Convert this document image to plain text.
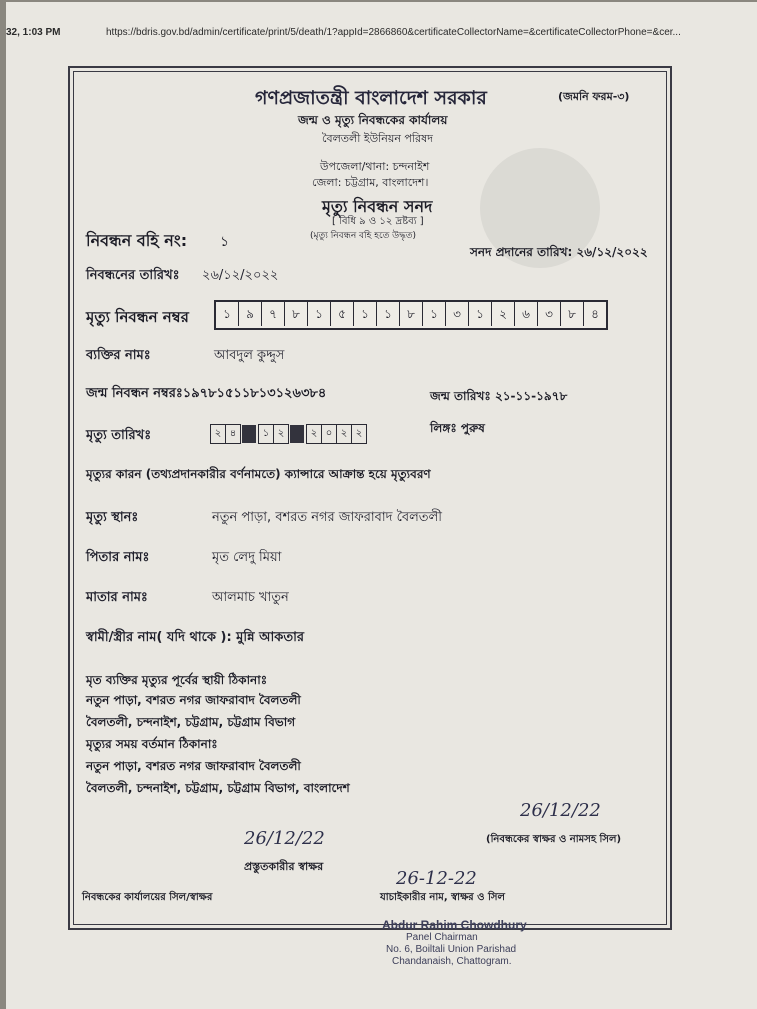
32, 1:03 PM	https://bdris.gov.bd/admin/certificate/print/5/death/1?appId=2866860&certificateCollectorName=&certificateCollectorPhone=&cer...
গণপ্রজাতন্ত্রী বাংলাদেশ সরকার	(জমনি ফরম-৩)
জন্ম ও মৃত্যু নিবন্ধকের কার্যালয়
বৈলতলী ইউনিয়ন পরিষদ
উপজেলা/থানা: চন্দনাইশ
জেলা: চট্টগ্রাম, বাংলাদেশ।
মৃত্যু নিবন্ধন সনদ
[ বিধি ৯ ও ১২ দ্রষ্টব্য ]
(মৃত্যু নিবন্ধন বহি হতে উদ্ধৃত)
নিবন্ধন বহি নং: ১
সনদ প্রদানের তারিখ: ২৬/১২/২০২২
নিবন্ধনের তারিখঃ ২৬/১২/২০২২
মৃত্যু নিবন্ধন নম্বর	১	৯	৭	৮	১	৫	১	১	৮	১	৩	১	২	৬	৩	৮	৪
ব্যক্তির নামঃ	আবদুল কুদ্দুস
জন্ম নিবন্ধন নম্বরঃ১৯৭৮১৫১১৮১৩১২৬৩৮৪	জন্ম তারিখঃ ২১-১১-১৯৭৮
মৃত্যু তারিখঃ	২ ৪	১ ২	২ ০ ২ ২	লিঙ্গঃ পুরুষ
মৃত্যুর কারন (তথ্যপ্রদানকারীর বর্ণনামতে) ক্যান্সারে আক্রান্ত হয়ে মৃত্যুবরণ
মৃত্যু স্থানঃ	নতুন পাড়া, বশরত নগর জাফরাবাদ বৈলতলী
পিতার নামঃ	মৃত লেদু মিয়া
মাতার নামঃ	আলমাচ খাতুন
স্বামী/স্ত্রীর নাম( যদি থাকে ): মুন্নি আকতার
মৃত ব্যক্তির মৃত্যুর পূর্বের স্থায়ী ঠিকানাঃ
নতুন পাড়া, বশরত নগর জাফরাবাদ বৈলতলী
বৈলতলী, চন্দনাইশ, চট্টগ্রাম, চট্টগ্রাম বিভাগ
মৃত্যুর সময় বর্তমান ঠিকানাঃ
নতুন পাড়া, বশরত নগর জাফরাবাদ বৈলতলী
বৈলতলী, চন্দনাইশ, চট্টগ্রাম, চট্টগ্রাম বিভাগ, বাংলাদেশ
26/12/22
প্রস্তুতকারীর স্বাক্ষর
26/12/22
(নিবন্ধকের স্বাক্ষর ও নামসহ সিল)
26-12-22
যাচাইকারীর নাম, স্বাক্ষর ও সিল
নিবন্ধকের কার্যালয়ের সিল/স্বাক্ষর
Abdur Rahim Chowdhury
Panel Chairman
No. 6, Boiltali Union Parishad
Chandanaish, Chattogram.
